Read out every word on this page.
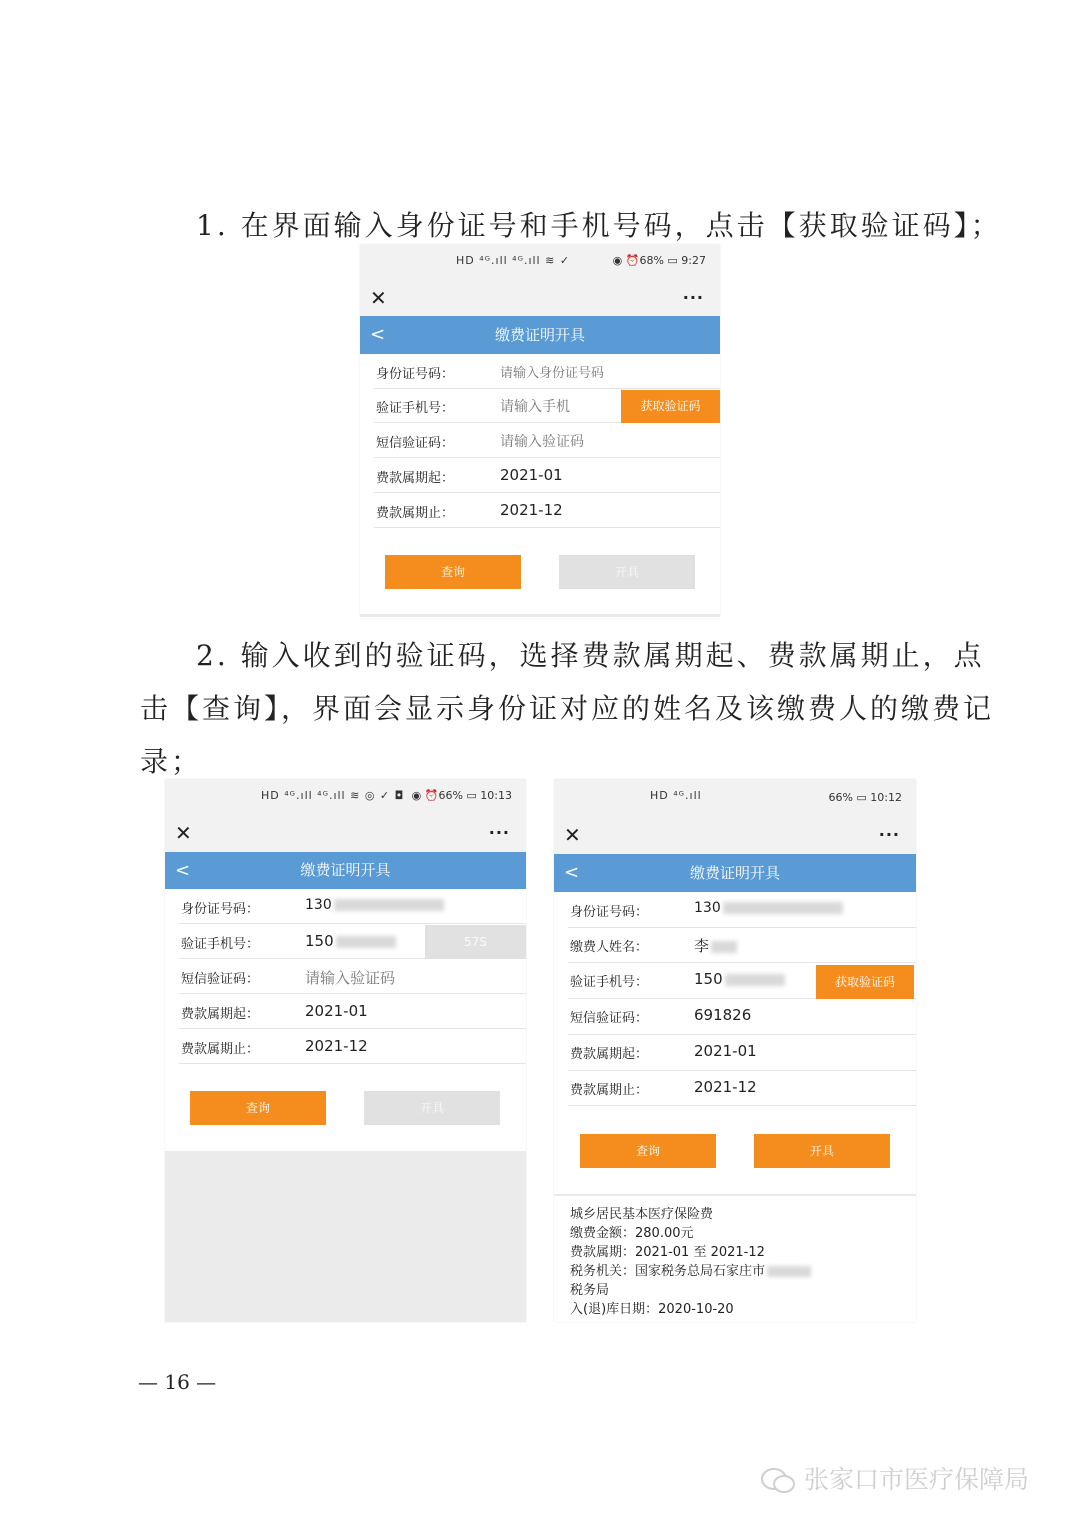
1. 在界面输入身份证号和手机号码，点击【获取验证码】；
HD ⁴ᴳ.ıll ⁴ᴳ.ıll ≋ ✓	◉ ⏰68% ▭ 9:27
✕	···
<	缴费证明开具
身份证号码：	请输入身份证号码
验证手机号：	请输入手机	获取验证码
短信验证码：	请输入验证码
费款属期起：	2021-01
费款属期止：	2021-12
查询	开具
2. 输入收到的验证码，选择费款属期起、费款属期止，点
击【查询】，界面会显示身份证对应的姓名及该缴费人的缴费记
录；
HD ⁴ᴳ.ıll ⁴ᴳ.ıll ≋ ◎ ✓ ◘ ◉ ⏰66% ▭ 10:13
✕	···
<	缴费证明开具
身份证号码：	130
验证手机号：	150	57S
短信验证码：	请输入验证码
费款属期起：	2021-01
费款属期止：	2021-12
查询	开具
HD ⁴ᴳ.ıll	66% ▭ 10:12
✕	···
<	缴费证明开具
身份证号码：	130
缴费人姓名：	李
验证手机号：	150	获取验证码
短信验证码：	691826
费款属期起：	2021-01
费款属期止：	2021-12
查询	开具
城乡居民基本医疗保险费
缴费金额：280.00元
费款属期：2021-01 至 2021-12
税务机关：国家税务总局石家庄市
税务局
入(退)库日期：2020-10-20
— 16 —
张家口市医疗保障局
